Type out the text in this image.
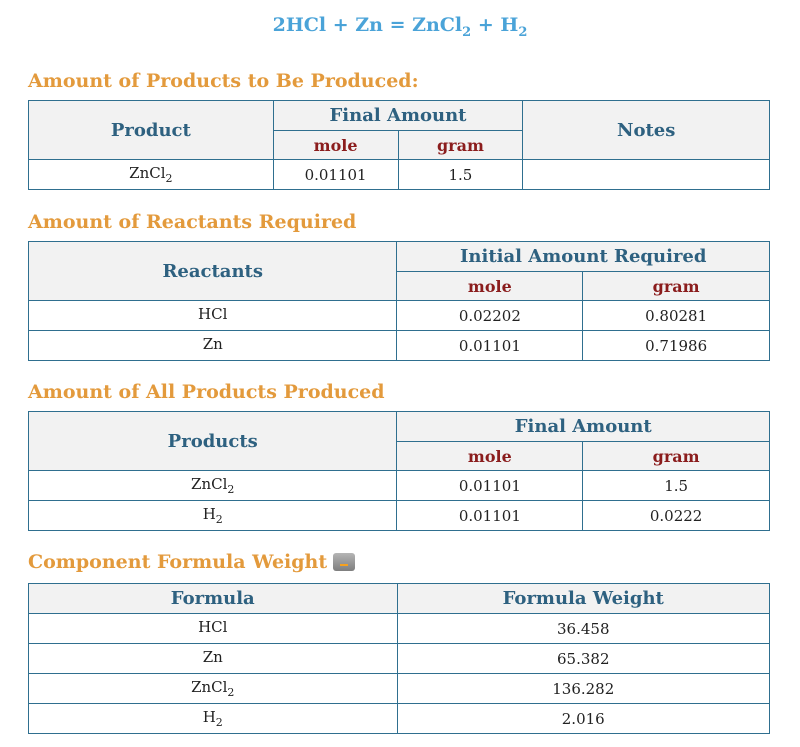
2HCl + Zn = ZnCl$_2$ + $H_2$
Amount of Products to Be Produced:
Product	Final Amount		Notes
	mole	gram	
ZnCl$_2$	0.01101	1.5	
Amount of Reactants Required
Reactants	Initial Amount Required	
	mole	gram
HCl	0.02202	0.80281
Zn	0.01101	0.71986
Amount of All Products Produced
Products	Final Amount	
	mole	gram
ZnCl$_2$	0.01101	1.5
$H_2$	0.01101	0.0222
Component Formula Weight
Formula	Formula Weight
HCl	36.458
Zn	65.382
ZnCl$_2$	136.282
$H_2$	2.016
